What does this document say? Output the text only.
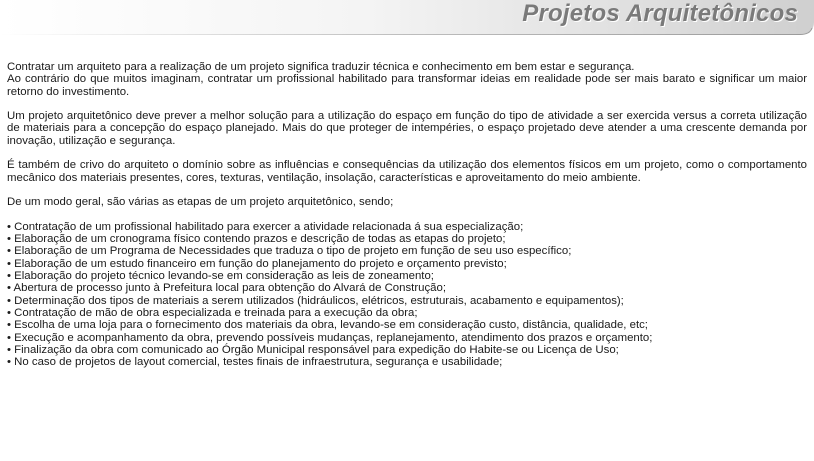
Projetos Arquitetônicos

Contratar um arquiteto para a realização de um projeto significa traduzir técnica e conhecimento em bem estar e segurança.

Ao contrário do que muitos imaginam, contratar um profissional habilitado para transformar ideias em realidade pode ser mais barato e significar um maior retorno do investimento.

Um projeto arquitetônico deve prever a melhor solução para a utilização do espaço em função do tipo de atividade a ser exercida versus a correta utilização de materiais para a concepção do espaço planejado. Mais do que proteger de intempéries, o espaço projetado deve atender a uma crescente demanda por inovação, utilização e segurança.

É também de crivo do arquiteto o domínio sobre as influências e consequências da utilização dos elementos físicos em um projeto, como o comportamento mecânico dos materiais presentes, cores, texturas, ventilação, insolação, características e aproveitamento do meio ambiente.

De um modo geral, são várias as etapas de um projeto arquitetônico, sendo;

• Contratação de um profissional habilitado para exercer a atividade relacionada á sua especialização;
• Elaboração de um cronograma físico contendo prazos e descrição de todas as etapas do projeto;
• Elaboração de um Programa de Necessidades que traduza o tipo de projeto em função de seu uso específico;
• Elaboração de um estudo financeiro em função do planejamento do projeto e orçamento previsto;
• Elaboração do projeto técnico levando-se em consideração as leis de zoneamento;
• Abertura de processo junto à Prefeitura local para obtenção do Alvará de Construção;
• Determinação dos tipos de materiais a serem utilizados (hidráulicos, elétricos, estruturais, acabamento e equipamentos);
• Contratação de mão de obra especializada e treinada para a execução da obra;
• Escolha de uma loja para o fornecimento dos materiais da obra, levando-se em consideração custo, distância, qualidade, etc;
• Execução e acompanhamento da obra, prevendo possíveis mudanças, replanejamento, atendimento dos prazos e orçamento;
• Finalização da obra com comunicado ao Órgão Municipal responsável para expedição do Habite-se ou Licença de Uso;
• No caso de projetos de layout comercial, testes finais de infraestrutura, segurança e usabilidade;
